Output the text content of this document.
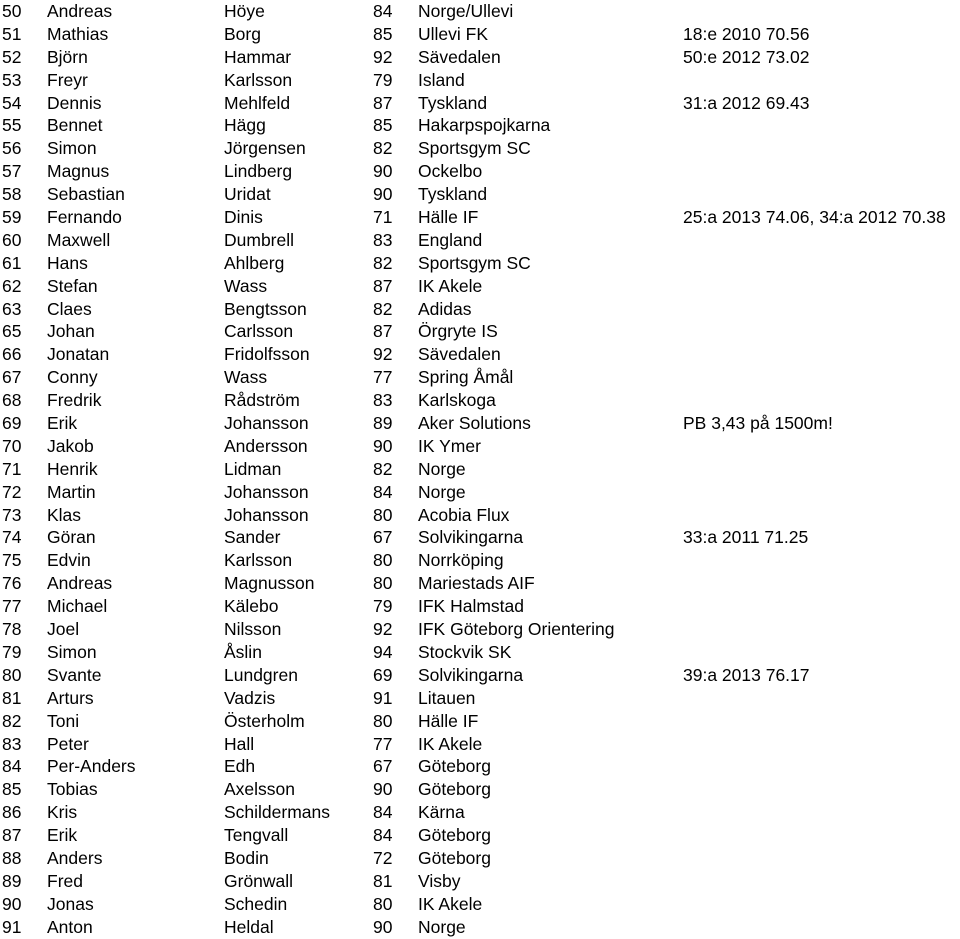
50 Andreas	Höye	84 Norge/Ullevi
51 Mathias	Borg	85 Ullevi FK	18:e 2010 70.56
52 Björn	Hammar	92 Sävedalen	50:e 2012 73.02
53 Freyr	Karlsson	79 Island
54 Dennis	Mehlfeld	87 Tyskland	31:a 2012 69.43
55 Bennet	Hägg	85 Hakarpspojkarna
56 Simon	Jörgensen	82 Sportsgym SC
57 Magnus	Lindberg	90 Ockelbo
58 Sebastian	Uridat	90 Tyskland
59 Fernando	Dinis	71 Hälle IF	25:a 2013 74.06, 34:a 2012 70.38
60 Maxwell	Dumbrell	83 England
61 Hans	Ahlberg	82 Sportsgym SC
62 Stefan	Wass	87 IK Akele
63 Claes	Bengtsson	82 Adidas
65 Johan	Carlsson	87 Örgryte IS
66 Jonatan	Fridolfsson	92 Sävedalen
67 Conny	Wass	77 Spring Åmål
68 Fredrik	Rådström	83 Karlskoga
69 Erik	Johansson	89 Aker Solutions	PB 3,43 på 1500m!
70 Jakob	Andersson	90 IK Ymer
71 Henrik	Lidman	82 Norge
72 Martin	Johansson	84 Norge
73 Klas	Johansson	80 Acobia Flux
74 Göran	Sander	67 Solvikingarna	33:a 2011 71.25
75 Edvin	Karlsson	80 Norrköping
76 Andreas	Magnusson	80 Mariestads AIF
77 Michael	Kälebo	79 IFK Halmstad
78 Joel	Nilsson	92 IFK Göteborg Orientering
79 Simon	Åslin	94 Stockvik SK
80 Svante	Lundgren	69 Solvikingarna	39:a 2013 76.17
81 Arturs	Vadzis	91 Litauen
82 Toni	Österholm	80 Hälle IF
83 Peter	Hall	77 IK Akele
84 Per-Anders	Edh	67 Göteborg
85 Tobias	Axelsson	90 Göteborg
86 Kris	Schildermans 84 Kärna
87 Erik	Tengvall	84 Göteborg
88 Anders	Bodin	72 Göteborg
89 Fred	Grönwall	81 Visby
90 Jonas	Schedin	80 IK Akele
91 Anton	Heldal	90 Norge
